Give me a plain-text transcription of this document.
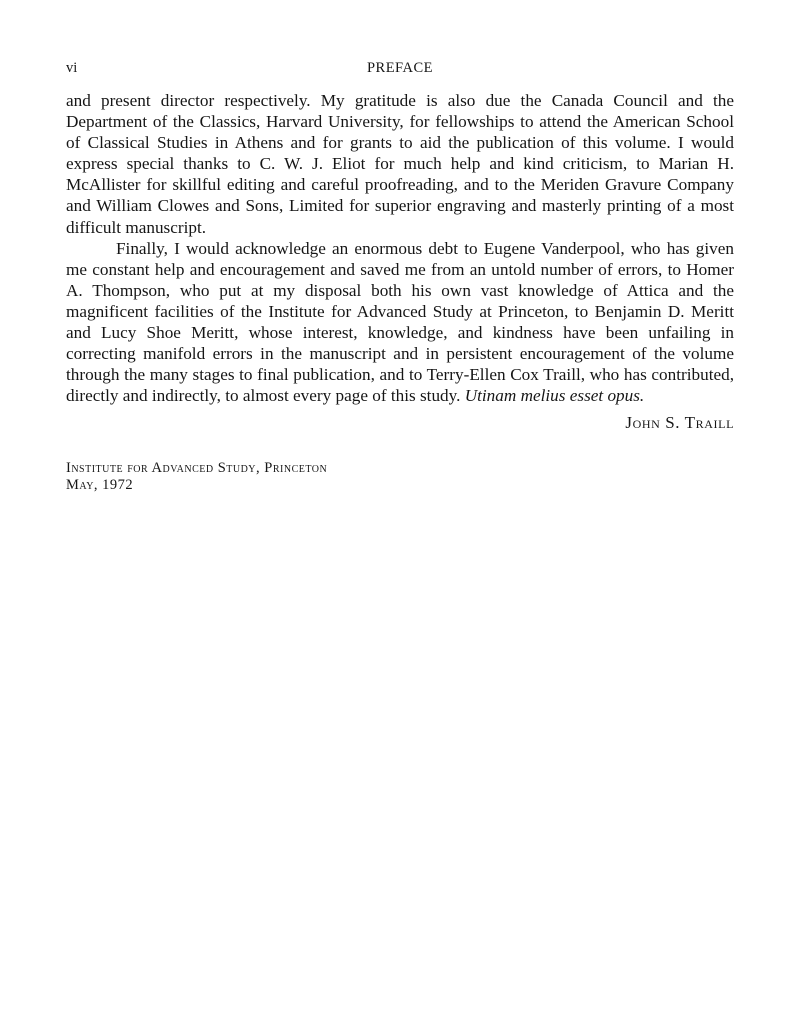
vi	PREFACE

and present director respectively. My gratitude is also due the Canada Council and the Department of the Classics, Harvard University, for fellowships to attend the American School of Classical Studies in Athens and for grants to aid the publication of this volume. I would express special thanks to C. W. J. Eliot for much help and kind criticism, to Marian H. McAllister for skillful editing and careful proofreading, and to the Meriden Gravure Company and William Clowes and Sons, Limited for superior engraving and masterly printing of a most difficult manuscript.

Finally, I would acknowledge an enormous debt to Eugene Vanderpool, who has given me constant help and encouragement and saved me from an untold number of errors, to Homer A. Thompson, who put at my disposal both his own vast knowledge of Attica and the magnificent facilities of the Institute for Advanced Study at Princeton, to Benjamin D. Meritt and Lucy Shoe Meritt, whose interest, knowledge, and kindness have been unfailing in correcting manifold errors in the manuscript and in persistent encouragement of the volume through the many stages to final publication, and to Terry-Ellen Cox Traill, who has contributed, directly and indirectly, to almost every page of this study. Utinam melius esset opus.

John S. Traill
Institute for Advanced Study, Princeton
May, 1972
